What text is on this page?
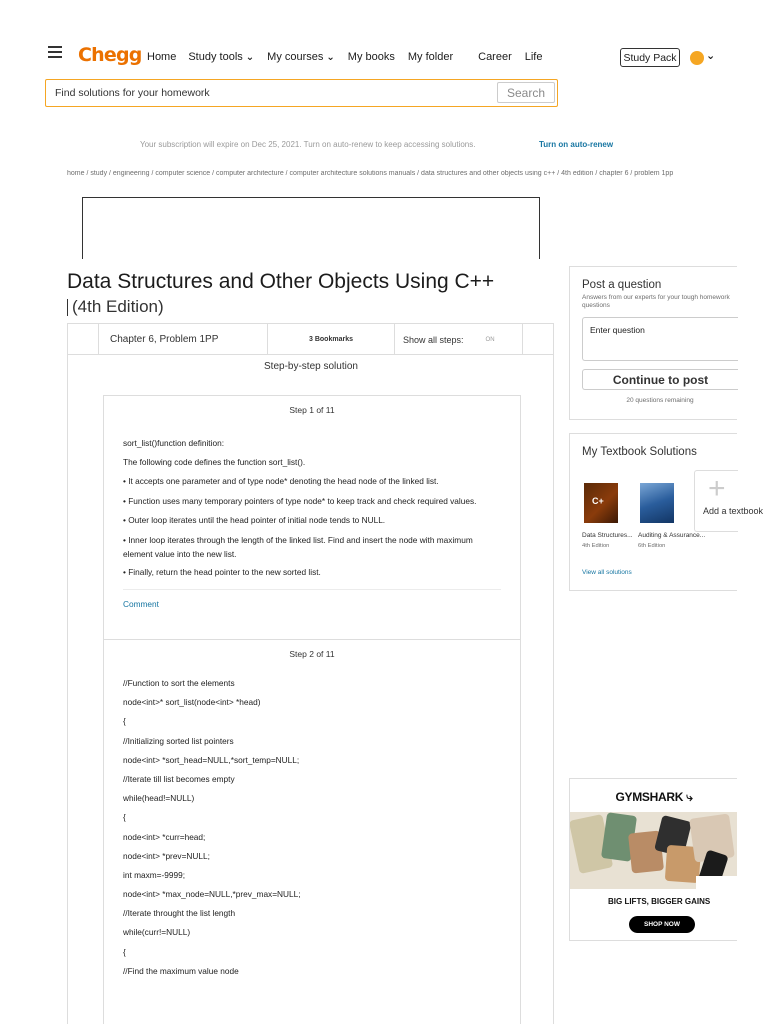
Chegg Home Study tools ⌄ My courses ⌄ My books My folder Career Life	Study Pack	⌄
Find solutions for your homework
Search
Your subscription will expire on Dec 25, 2021. Turn on auto-renew to keep accessing solutions.	Turn on auto-renew
home / study / engineering / computer science / computer architecture / computer architecture solutions manuals / data structures and other objects using c++ / 4th edition / chapter 6 / problem 1pp
Data Structures and Other Objects Using C++
(4th Edition)
Chapter 6, Problem 1PP	3 Bookmarks	Show all steps:	ON
Step-by-step solution
Step 1 of 11
sort_list()function definition:
The following code defines the function sort_list().
• It accepts one parameter and of type node* denoting the head node of the linked list.
• Function uses many temporary pointers of type node* to keep track and check required values.
• Outer loop iterates until the head pointer of initial node tends to NULL.
• Inner loop iterates through the length of the linked list. Find and insert the node with maximum element value into the new list.
• Finally, return the head pointer to the new sorted list.
Comment
Step 2 of 11
//Function to sort the elements
node<int>* sort_list(node<int> *head)
{
//Initializing sorted list pointers
node<int> *sort_head=NULL,*sort_temp=NULL;
//Iterate till list becomes empty
while(head!=NULL)
{
node<int> *curr=head;
node<int> *prev=NULL;
int maxm=-9999;
node<int> *max_node=NULL,*prev_max=NULL;
//Iterate throught the list length
while(curr!=NULL)
{
//Find the maximum value node
Post a question
Answers from our experts for your tough homework questions
Enter question
Continue to post
20 questions remaining
My Textbook Solutions
C+
Data Structures...
4th Edition
Auditing & Assurance...
6th Edition
+
Add a textbook
View all solutions
GYMSHARK ⤷
BIG LIFTS, BIGGER GAINS
SHOP NOW
